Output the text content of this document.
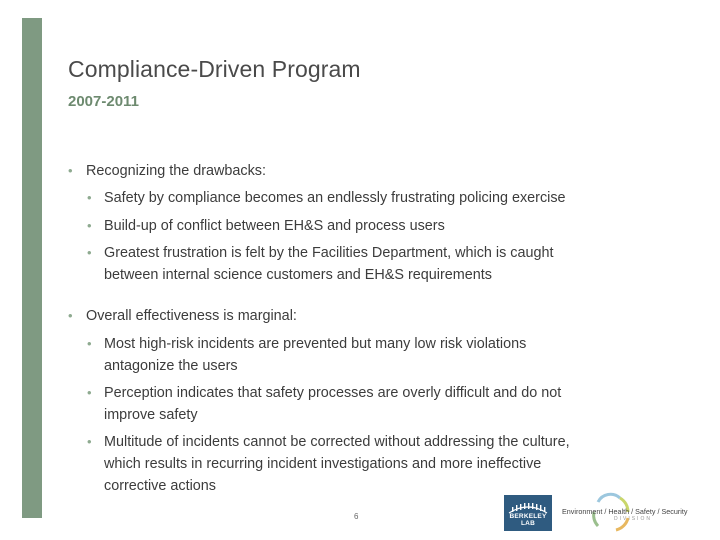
Compliance-Driven Program
2007-2011
• Recognizing the drawbacks:
• Safety by compliance becomes an endlessly frustrating policing exercise
• Build-up of conflict between EH&S and process users
• Greatest frustration is felt by the Facilities Department, which is caught
between internal science customers and EH&S requirements
• Overall effectiveness is marginal:
• Most high-risk incidents are prevented but many low risk violations
antagonize the users
• Perception indicates that safety processes are overly difficult and do not
improve safety
• Multitude of incidents cannot be corrected without addressing the culture,
which results in recurring incident investigations and more ineffective
corrective actions
6	BERKELEY LAB
Environment / Health / Safety / Security
DIVISION
